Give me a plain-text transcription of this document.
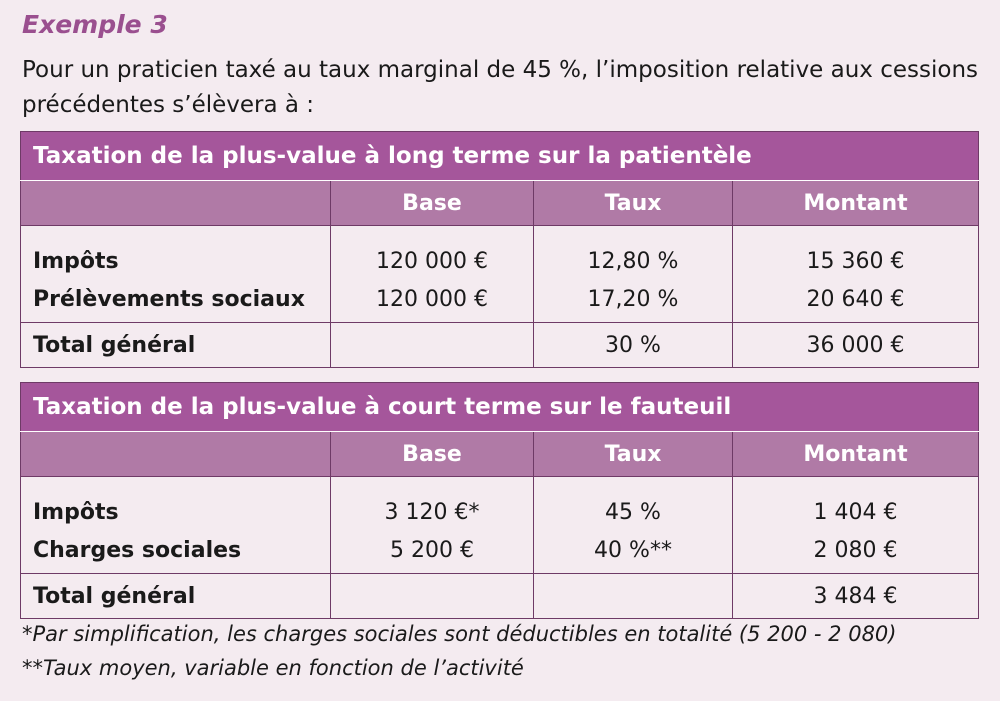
Exemple 3
Pour un praticien taxé au taux marginal de 45 %, l’imposition relative aux cessions précédentes s’élèvera à :
Taxation de la plus-value à long terme sur la patientèle			
	Base	Taux	Montant
Impôts	120 000 €	12,80 %	15 360 €
Prélèvements sociaux	120 000 €	17,20 %	20 640 €
Total général		30 %	36 000 €
Taxation de la plus-value à court terme sur le fauteuil			
	Base	Taux	Montant
Impôts	3 120 €*	45 %	1 404 €
Charges sociales	5 200 €	40 %**	2 080 €
Total général			3 484 €
*Par simplification, les charges sociales sont déductibles en totalité (5 200 - 2 080)
**Taux moyen, variable en fonction de l’activité
